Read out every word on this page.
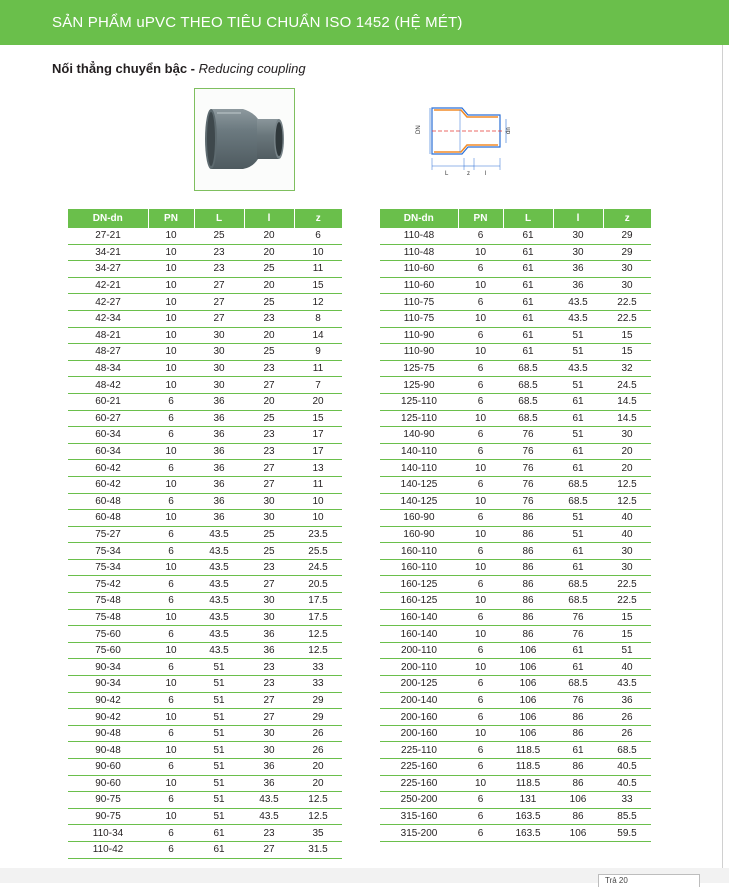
SẢN PHẨM uPVC THEO TIÊU CHUẨN ISO 1452 (HỆ MÉT)
Nối thẳng chuyển bậc - Reducing coupling
DN	dn
L	z	l
DN-dn	PN	L	l	z
27-21	10	25	20	6
34-21	10	23	20	10
34-27	10	23	25	11
42-21	10	27	20	15
42-27	10	27	25	12
42-34	10	27	23	8
48-21	10	30	20	14
48-27	10	30	25	9
48-34	10	30	23	11
48-42	10	30	27	7
60-21	6	36	20	20
60-27	6	36	25	15
60-34	6	36	23	17
60-34	10	36	23	17
60-42	6	36	27	13
60-42	10	36	27	11
60-48	6	36	30	10
60-48	10	36	30	10
75-27	6	43.5	25	23.5
75-34	6	43.5	25	25.5
75-34	10	43.5	23	24.5
75-42	6	43.5	27	20.5
75-48	6	43.5	30	17.5
75-48	10	43.5	30	17.5
75-60	6	43.5	36	12.5
75-60	10	43.5	36	12.5
90-34	6	51	23	33
90-34	10	51	23	33
90-42	6	51	27	29
90-42	10	51	27	29
90-48	6	51	30	26
90-48	10	51	30	26
90-60	6	51	36	20
90-60	10	51	36	20
90-75	6	51	43.5	12.5
90-75	10	51	43.5	12.5
110-34	6	61	23	35
110-42	6	61	27	31.5
DN-dn	PN	L	l	z
110-48	6	61	30	29
110-48	10	61	30	29
110-60	6	61	36	30
110-60	10	61	36	30
110-75	6	61	43.5	22.5
110-75	10	61	43.5	22.5
110-90	6	61	51	15
110-90	10	61	51	15
125-75	6	68.5	43.5	32
125-90	6	68.5	51	24.5
125-110	6	68.5	61	14.5
125-110	10	68.5	61	14.5
140-90	6	76	51	30
140-110	6	76	61	20
140-110	10	76	61	20
140-125	6	76	68.5	12.5
140-125	10	76	68.5	12.5
160-90	6	86	51	40
160-90	10	86	51	40
160-110	6	86	61	30
160-110	10	86	61	30
160-125	6	86	68.5	22.5
160-125	10	86	68.5	22.5
160-140	6	86	76	15
160-140	10	86	76	15
200-110	6	106	61	51
200-110	10	106	61	40
200-125	6	106	68.5	43.5
200-140	6	106	76	36
200-160	6	106	86	26
200-160	10	106	86	26
225-110	6	118.5	61	68.5
225-160	6	118.5	86	40.5
225-160	10	118.5	86	40.5
250-200	6	131	106	33
315-160	6	163.5	86	85.5
315-200	6	163.5	106	59.5
Trả 20
